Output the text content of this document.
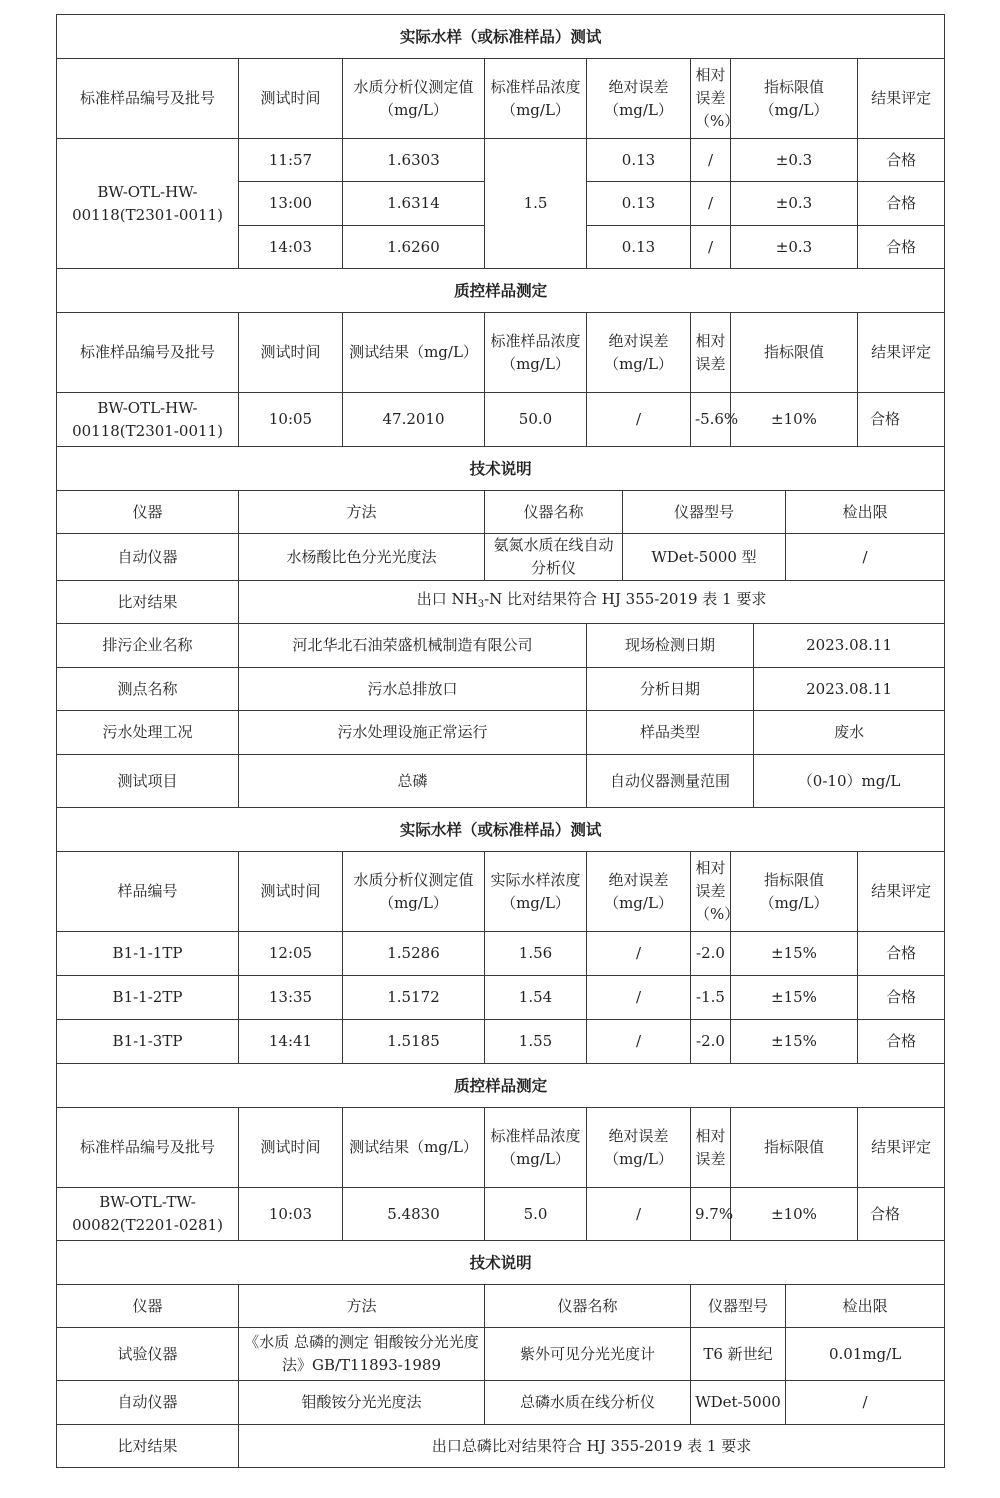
实际水样（或标准样品）测试										
标准样品编号及批号	测试时间	水质分析仪测定值（mg/L）	标准样品浓度（mg/L）	绝对误差（mg/L）		相对误差（%）	指标限值（mg/L）			结果评定
BW-OTL-HW-00118(T2301-0011)	11:57	1.6303	1.5	0.13		/	±0.3			合格
	13:00	1.6314		0.13		/	±0.3			合格
	14:03	1.6260		0.13		/	±0.3			合格
质控样品测定										
标准样品编号及批号	测试时间	测试结果（mg/L）	标准样品浓度（mg/L）	绝对误差（mg/L）		相对误差	指标限值			结果评定
BW-OTL-HW-00118(T2301-0011)	10:05	47.2010	50.0	/		-5.6%	±10%			合格
技术说明										
仪器	方法		仪器名称		仪器型号				检出限	
自动仪器	水杨酸比色分光光度法		氨氮水质在线自动分析仪		WDet-5000 型				/	
比对结果	出口 $NH_3-N$ 比对结果符合 HJ 355-2019 表 1 要求									
排污企业名称	河北华北石油荣盛机械制造有限公司			现场检测日期				2023.08.11		
测点名称	污水总排放口			分析日期				2023.08.11		
污水处理工况	污水处理设施正常运行			样品类型				废水		
测试项目	总磷			自动仪器测量范围				（0-10）mg/L		
实际水样（或标准样品）测试										
样品编号	测试时间	水质分析仪测定值（mg/L）	实际水样浓度（mg/L）	绝对误差（mg/L）		相对误差（%）	指标限值（mg/L）			结果评定
B1-1-1TP	12:05	1.5286	1.56	/		-2.0	±15%			合格
B1-1-2TP	13:35	1.5172	1.54	/		-1.5	±15%			合格
B1-1-3TP	14:41	1.5185	1.55	/		-2.0	±15%			合格
质控样品测定										
标准样品编号及批号	测试时间	测试结果（mg/L）	标准样品浓度（mg/L）	绝对误差（mg/L）		相对误差	指标限值			结果评定
BW-OTL-TW-00082(T2201-0281)	10:03	5.4830	5.0	/		9.7%	±10%			合格
技术说明										
仪器	方法		仪器名称			仪器型号			检出限	
试验仪器	《水质 总磷的测定 钼酸铵分光光度法》GB/T11893-1989		紫外可见分光光度计			T6 新世纪			0.01mg/L	
自动仪器	钼酸铵分光光度法		总磷水质在线分析仪			WDet-5000			/	
比对结果	出口总磷比对结果符合 HJ 355-2019 表 1 要求									
